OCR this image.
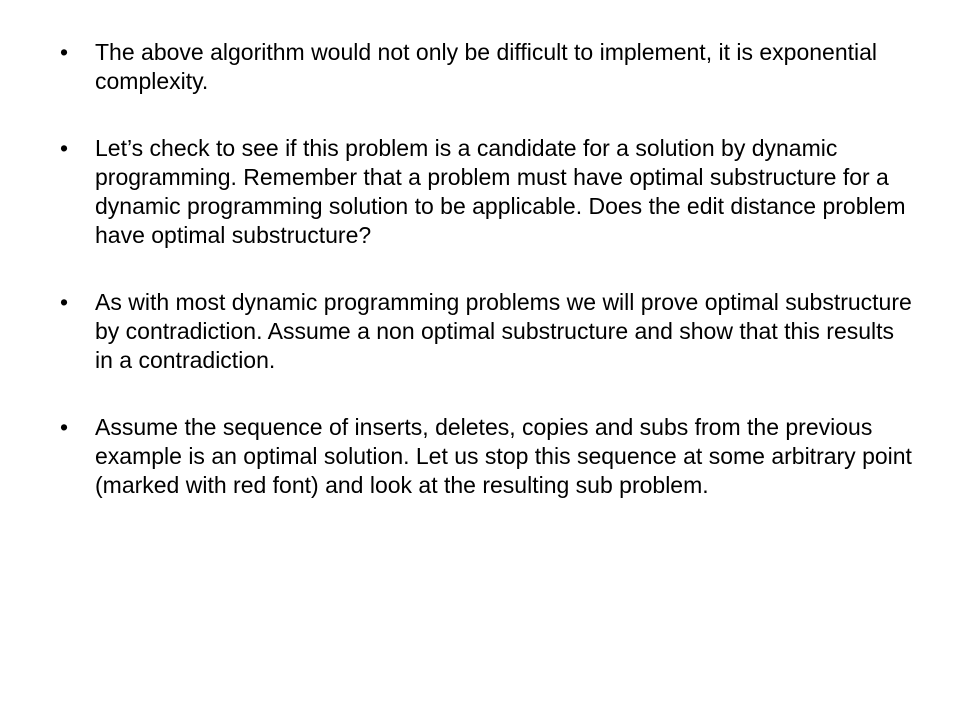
• The above algorithm would not only be difficult to implement, it is exponential complexity.
• Let’s check to see if this problem is a candidate for a solution by dynamic programming. Remember that a problem must have optimal substructure for a dynamic programming solution to be applicable. Does the edit distance problem have optimal substructure?
• As with most dynamic programming problems we will prove optimal substructure by contradiction. Assume a non optimal substructure and show that this results in a contradiction.
• Assume the sequence of inserts, deletes, copies and subs from the previous example is an optimal solution. Let us stop this sequence at some arbitrary point (marked with red font) and look at the resulting sub problem.
